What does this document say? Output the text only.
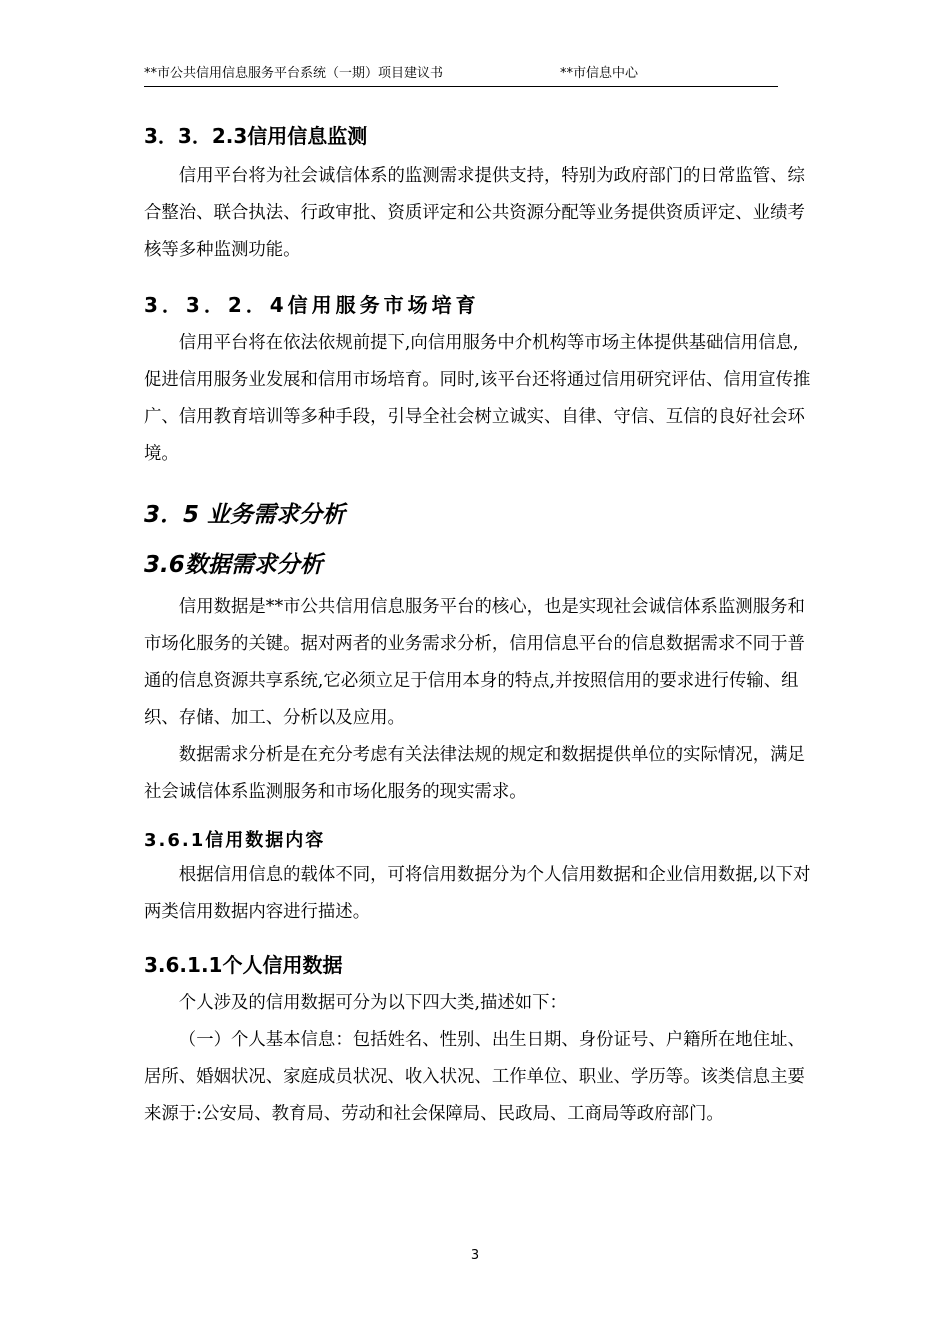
**市公共信用信息服务平台系统（一期）项目建议书	**市信息中心
3．3．2.3信用信息监测

信用平台将为社会诚信体系的监测需求提供支持，特别为政府部门的日常监管、综合整治、联合执法、行政审批、资质评定和公共资源分配等业务提供资质评定、业绩考核等多种监测功能。

3．3．2．4信用服务市场培育

信用平台将在依法依规前提下,向信用服务中介机构等市场主体提供基础信用信息,促进信用服务业发展和信用市场培育。同时,该平台还将通过信用研究评估、信用宣传推广、信用教育培训等多种手段，引导全社会树立诚实、自律、守信、互信的良好社会环境。

3．5 业务需求分析
3.6数据需求分析

信用数据是**市公共信用信息服务平台的核心，也是实现社会诚信体系监测服务和市场化服务的关键。据对两者的业务需求分析，信用信息平台的信息数据需求不同于普通的信息资源共享系统,它必须立足于信用本身的特点,并按照信用的要求进行传输、组织、存储、加工、分析以及应用。

数据需求分析是在充分考虑有关法律法规的规定和数据提供单位的实际情况，满足社会诚信体系监测服务和市场化服务的现实需求。

3.6.1信用数据内容

根据信用信息的载体不同，可将信用数据分为个人信用数据和企业信用数据,以下对两类信用数据内容进行描述。

3.6.1.1个人信用数据

个人涉及的信用数据可分为以下四大类,描述如下：

（一）个人基本信息：包括姓名、性别、出生日期、身份证号、户籍所在地住址、居所、婚姻状况、家庭成员状况、收入状况、工作单位、职业、学历等。该类信息主要来源于:公安局、教育局、劳动和社会保障局、民政局、工商局等政府部门。

3
